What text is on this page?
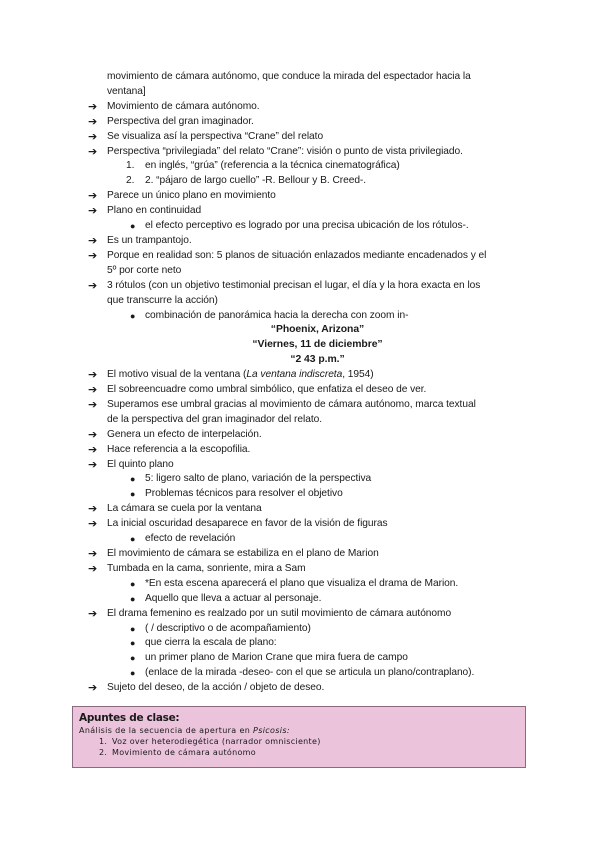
movimiento de cámara autónomo, que conduce la mirada del espectador hacia la
ventana]
➔ Movimiento de cámara autónomo.
➔ Perspectiva del gran imaginador.
➔ Se visualiza así la perspectiva “Crane” del relato
➔ Perspectiva “privilegiada” del relato “Crane”: visión o punto de vista privilegiado.
1. en inglés, “grúa” (referencia a la técnica cinematográfica)
2. 2. “pájaro de largo cuello” -R. Bellour y B. Creed-.
➔ Parece un único plano en movimiento
➔ Plano en continuidad
● el efecto perceptivo es logrado por una precisa ubicación de los rótulos-.
➔ Es un trampantojo.
➔ Porque en realidad son: 5 planos de situación enlazados mediante encadenados y el
5º por corte neto
➔ 3 rótulos (con un objetivo testimonial precisan el lugar, el día y la hora exacta en los
que transcurre la acción)
● combinación de panorámica hacia la derecha con zoom in-
“Phoenix, Arizona”
“Viernes, 11 de diciembre”
“2 43 p.m.”
➔ El motivo visual de la ventana (La ventana indiscreta, 1954)
➔ El sobreencuadre como umbral simbólico, que enfatiza el deseo de ver.
➔ Superamos ese umbral gracias al movimiento de cámara autónomo, marca textual
de la perspectiva del gran imaginador del relato.
➔ Genera un efecto de interpelación.
➔ Hace referencia a la escopofilia.
➔ El quinto plano
● 5: ligero salto de plano, variación de la perspectiva
● Problemas técnicos para resolver el objetivo
➔ La cámara se cuela por la ventana
➔ La inicial oscuridad desaparece en favor de la visión de figuras
● efecto de revelación
➔ El movimiento de cámara se estabiliza en el plano de Marion
➔ Tumbada en la cama, sonriente, mira a Sam
● *En esta escena aparecerá el plano que visualiza el drama de Marion.
● Aquello que lleva a actuar al personaje.
➔ El drama femenino es realzado por un sutil movimiento de cámara autónomo
● ( / descriptivo o de acompañamiento)
● que cierra la escala de plano:
● un primer plano de Marion Crane que mira fuera de campo
● (enlace de la mirada -deseo- con el que se articula un plano/contraplano).
➔ Sujeto del deseo, de la acción / objeto de deseo.
Apuntes de clase:
Análisis de la secuencia de apertura en Psicosis:
1. Voz over heterodiegética (narrador omnisciente)
2. Movimiento de cámara autónomo
